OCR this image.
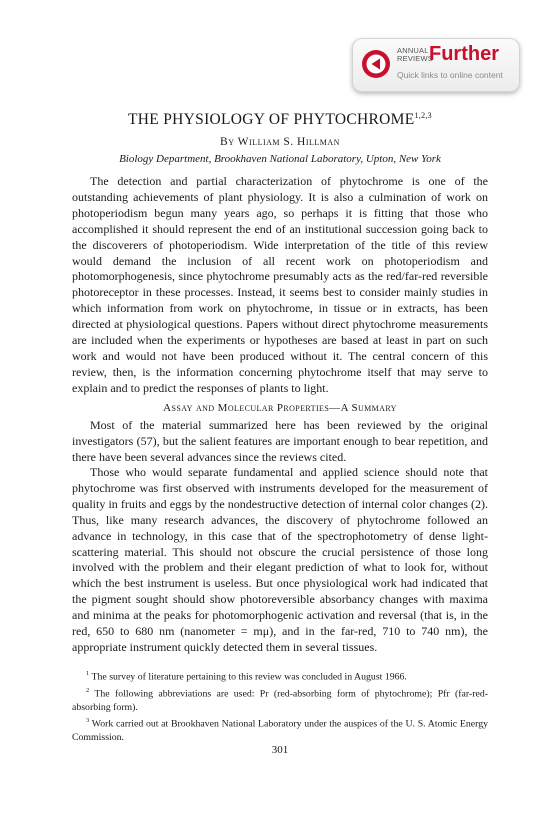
ANNUAL
REVIEWS
Further
Quick links to online content
THE PHYSIOLOGY OF PHYTOCHROME$^{1,2,3}$
By William S. Hillman
Biology Department, Brookhaven National Laboratory, Upton, New York

The detection and partial characterization of phytochrome is one of the outstanding achievements of plant physiology. It is also a culmination of work on photoperiodism begun many years ago, so perhaps it is fitting that those who accomplished it should represent the end of an institutional succession going back to the discoverers of photoperiodism. Wide interpretation of the title of this review would demand the inclusion of all recent work on photoperiodism and photomorphogenesis, since phytochrome presumably acts as the red/far-red reversible photoreceptor in these processes. Instead, it seems best to consider mainly studies in which information from work on phytochrome, in tissue or in extracts, has been directed at physiological questions. Papers without direct phytochrome measurements are included when the experiments or hypotheses are based at least in part on such work and would not have been produced without it. The central concern of this review, then, is the information concerning phytochrome itself that may serve to explain and to predict the responses of plants to light.

Assay and Molecular Properties—A Summary

Most of the material summarized here has been reviewed by the original investigators (57), but the salient features are important enough to bear repetition, and there have been several advances since the reviews cited.

Those who would separate fundamental and applied science should note that phytochrome was first observed with instruments developed for the measurement of quality in fruits and eggs by the nondestructive detection of internal color changes (2). Thus, like many research advances, the discovery of phytochrome followed an advance in technology, in this case that of the spectrophotometry of dense light-scattering material. This should not obscure the crucial persistence of those long involved with the problem and their elegant prediction of what to look for, without which the best instrument is useless. But once physiological work had indicated that the pigment sought should show photoreversible absorbancy changes with maxima and minima at the peaks for photomorphogenic activation and reversal (that is, in the red, 650 to 680 nm (nanometer = mμ), and in the far-red, 710 to 740 nm), the appropriate instrument quickly detected them in several tissues.

$^1$ The survey of literature pertaining to this review was concluded in August 1966.

$^2$ The following abbreviations are used: Pr (red-absorbing form of phytochrome); Pfr (far-red-absorbing form).

$^3$ Work carried out at Brookhaven National Laboratory under the auspices of the U. S. Atomic Energy Commission.

301
